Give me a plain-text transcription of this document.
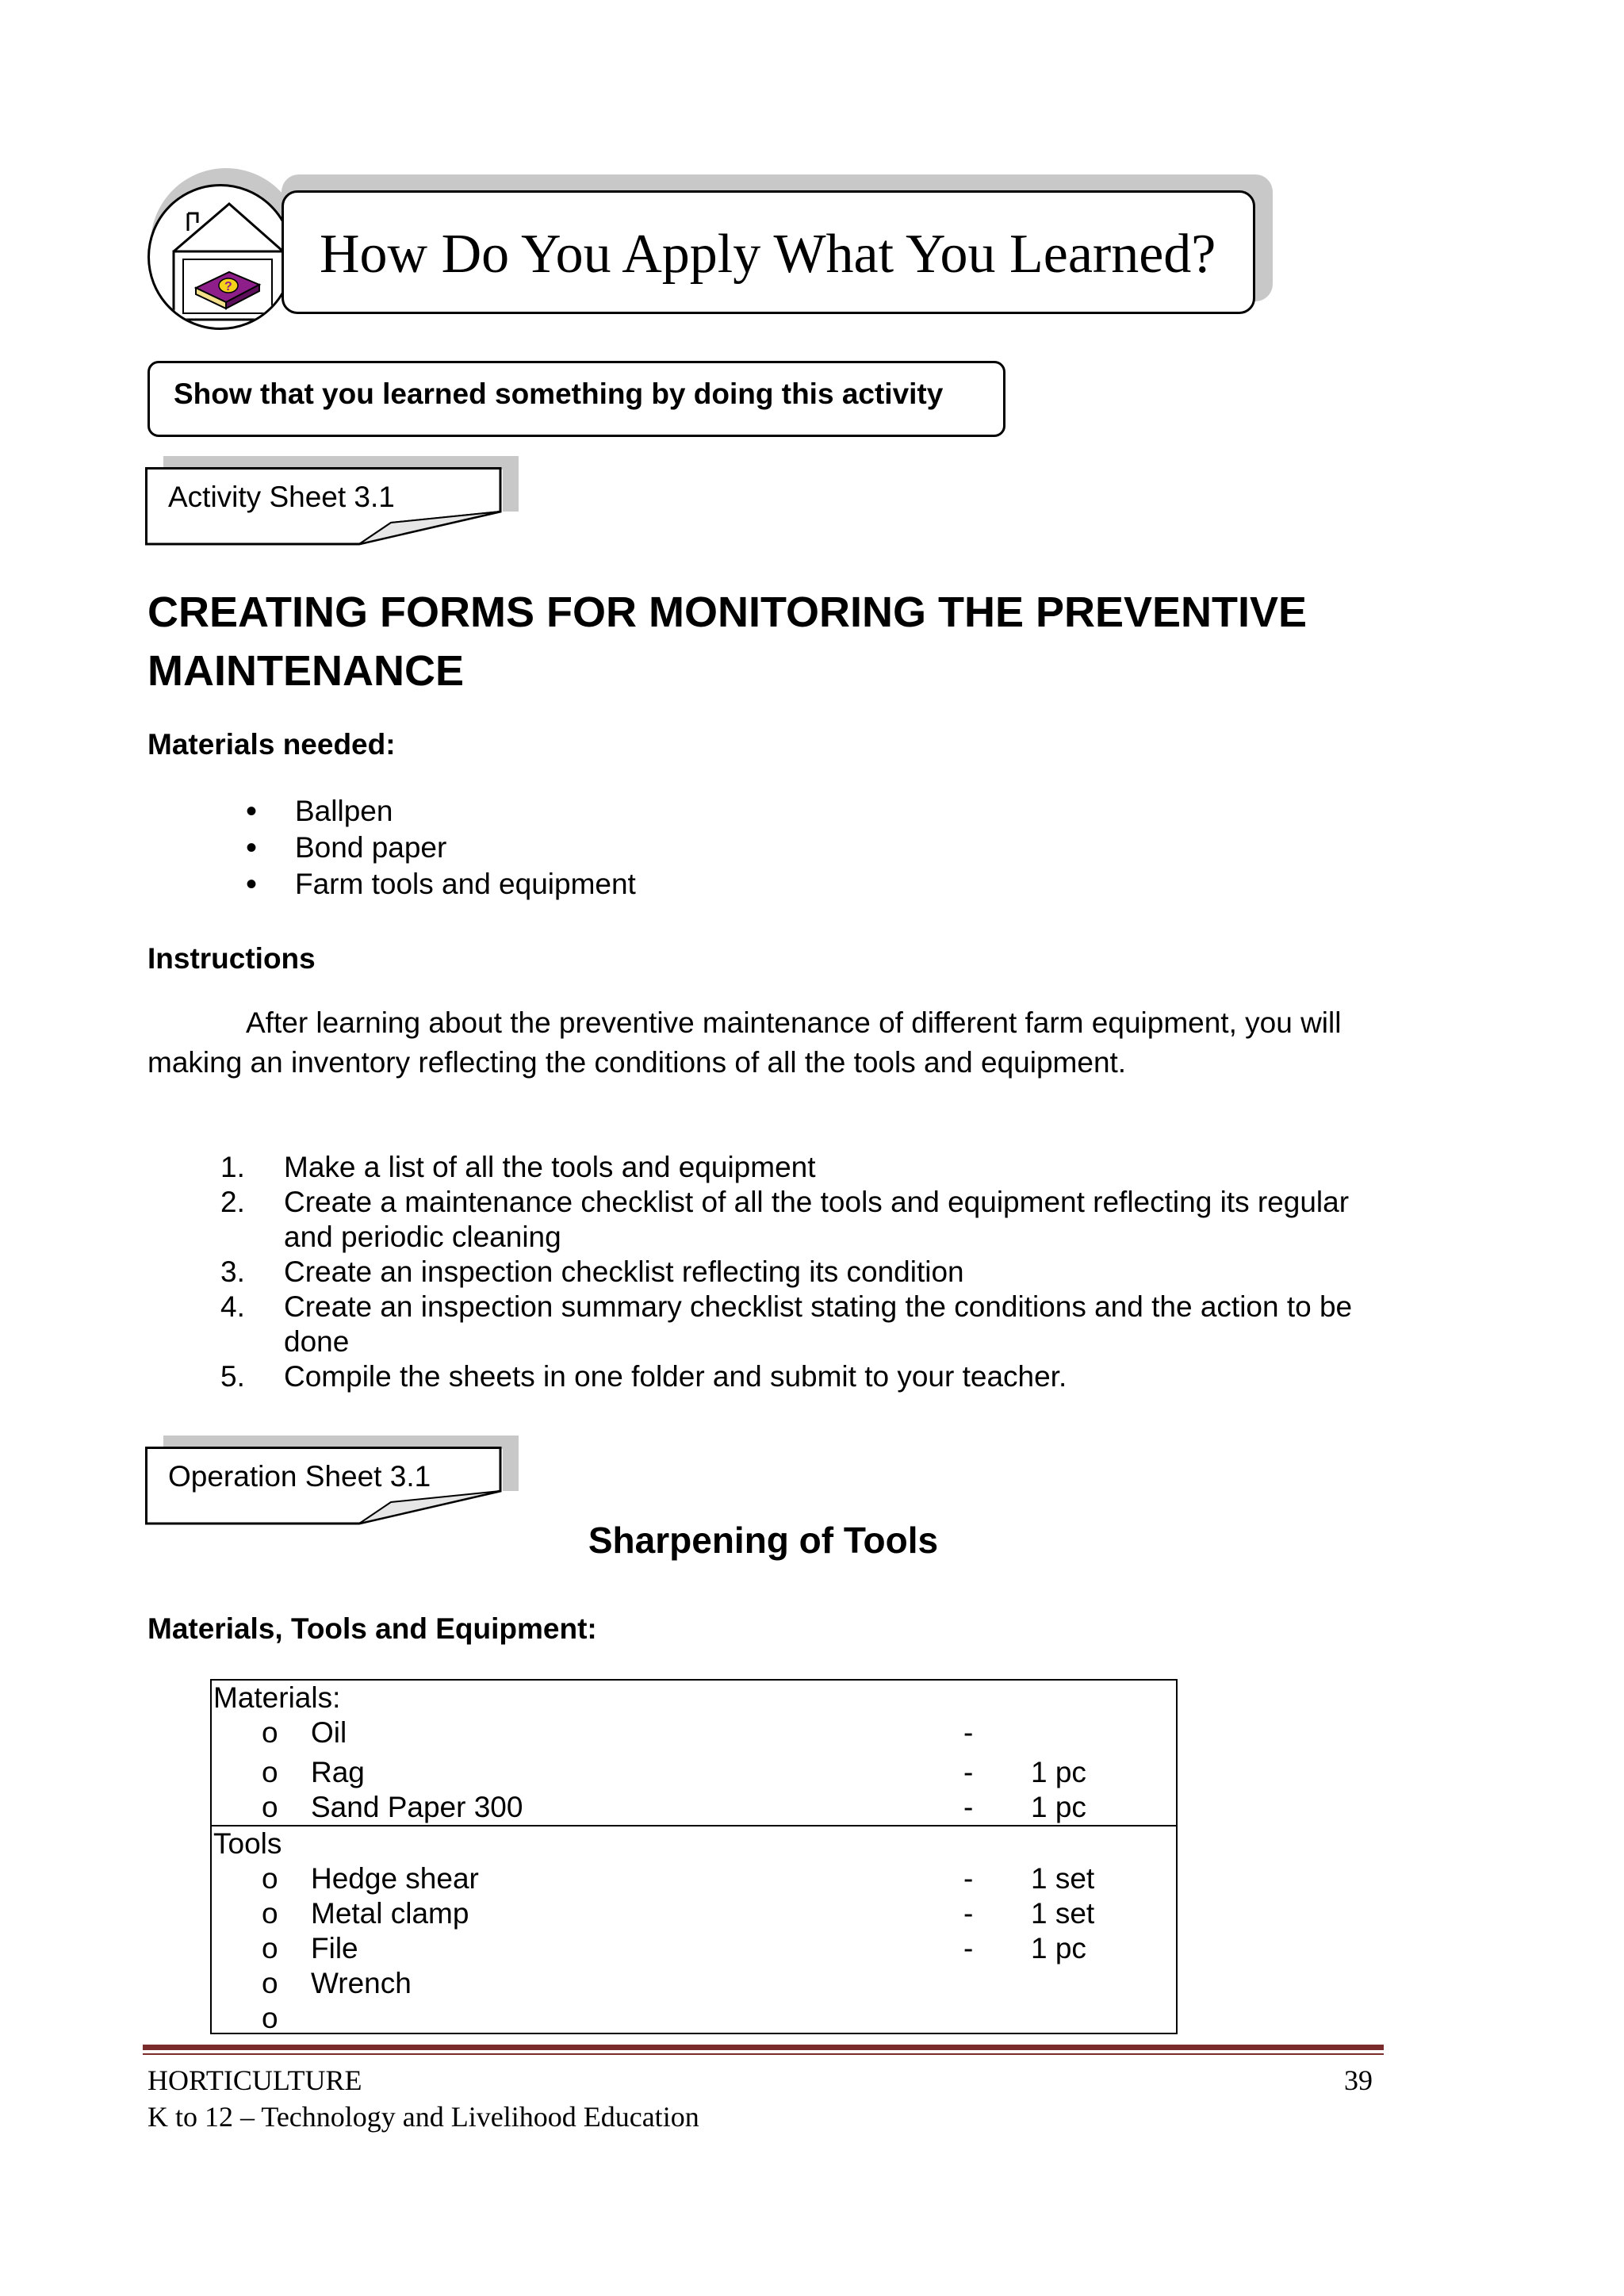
?
How Do You Apply What You Learned?
Show that you learned something by doing this activity
Activity Sheet 3.1
CREATING FORMS FOR MONITORING THE PREVENTIVE
MAINTENANCE
Materials needed:
• Ballpen
• Bond paper
• Farm tools and equipment
Instructions
After learning about the preventive maintenance of different farm equipment, you will making an inventory reflecting the conditions of all the tools and equipment.
1. Make a list of all the tools and equipment
2. Create a maintenance checklist of all the tools and equipment reflecting its regular and periodic cleaning
3. Create an inspection checklist reflecting its condition
4. Create an inspection summary checklist stating the conditions and the action to be done
5. Compile the sheets in one folder and submit to your teacher.
Operation Sheet 3.1
Sharpening of Tools
Materials, Tools and Equipment:
Materials:
o Oil	-
o Rag	- 1 pc
o Sand Paper 300	- 1 pc
Tools
o Hedge shear	- 1 set
o Metal clamp	- 1 set
o File	- 1 pc
o Wrench
o
HORTICULTURE
K to 12 – Technology and Livelihood Education
39
